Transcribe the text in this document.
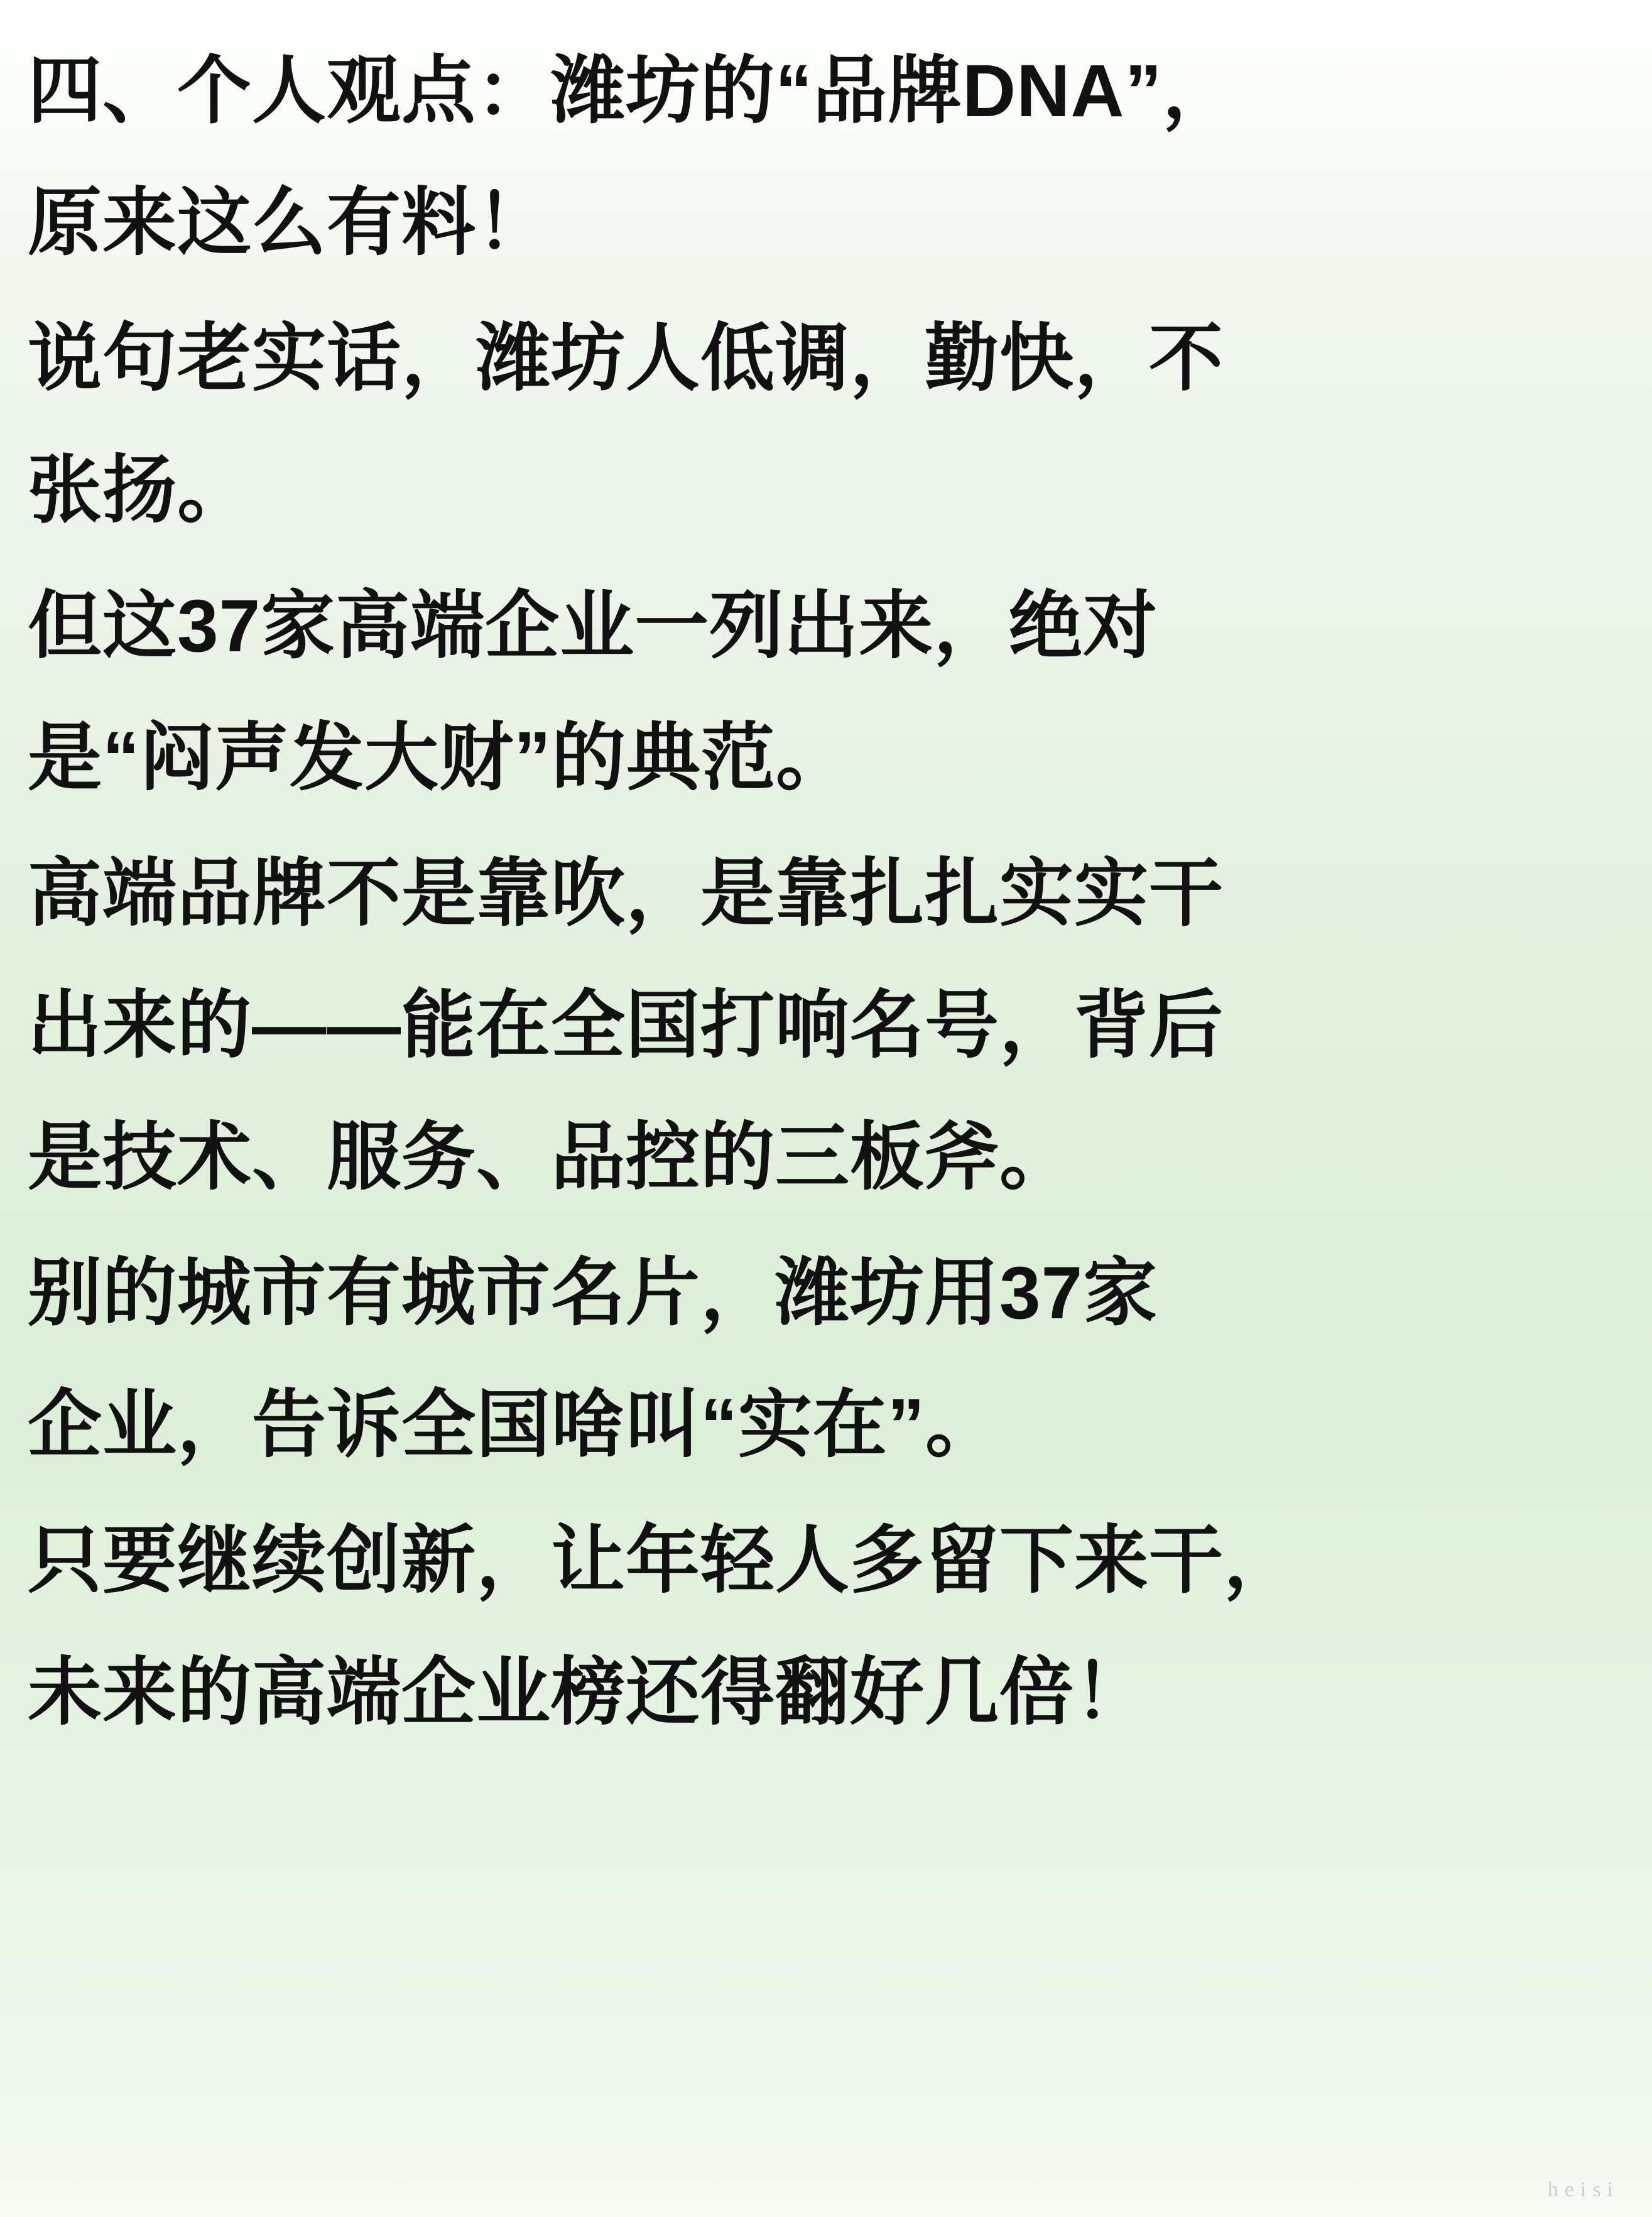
四、个人观点：潍坊的“品牌DNA”，
原来这么有料！
说句老实话，潍坊人低调，勤快，不
张扬。
但这37家高端企业一列出来，绝对
是“闷声发大财”的典范。
高端品牌不是靠吹，是靠扎扎实实干
出来的——能在全国打响名号，背后
是技术、服务、品控的三板斧。
别的城市有城市名片，潍坊用37家
企业，告诉全国啥叫“实在”。
只要继续创新，让年轻人多留下来干，
未来的高端企业榜还得翻好几倍！
heisi
